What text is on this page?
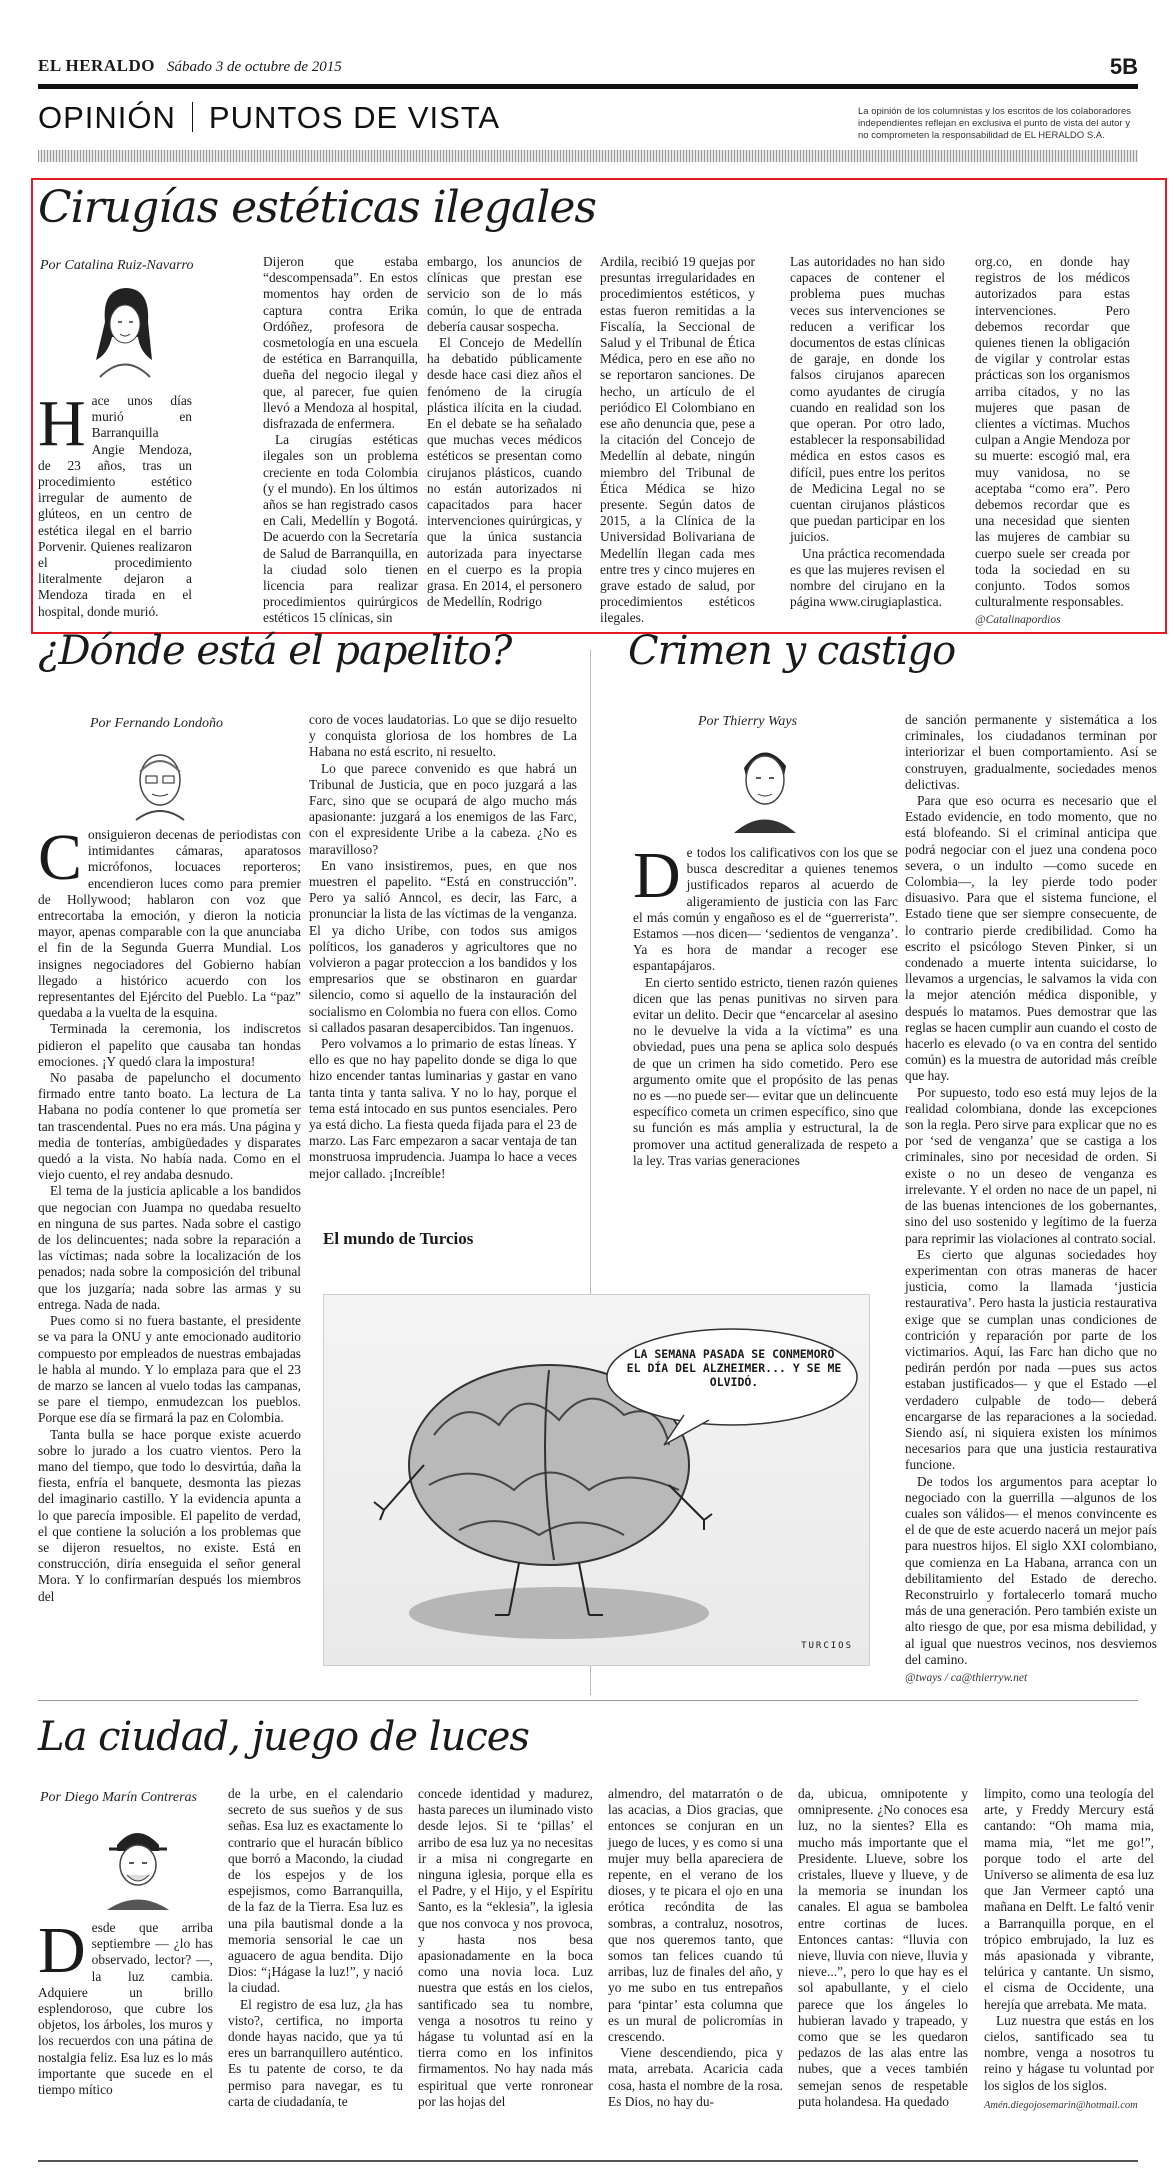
EL HERALDO Sábado 3 de octubre de 2015	5B
OPINIÓN PUNTOS DE VISTA	La opinión de los columnistas y los escritos de los colaboradores independientes reflejan en exclusiva el punto de vista del autor y no comprometen la responsabilidad de EL HERALDO S.A.
Cirugías estéticas ilegales
Por Catalina Ruiz-Navarro
Hace unos días murió en Barranquilla Angie Mendoza, de 23 años, tras un procedimiento estético irregular de aumento de glúteos, en un centro de estética ilegal en el barrio Porvenir. Quienes realizaron el procedimiento literalmente dejaron a Mendoza tirada en el hospital, donde murió.

Dijeron que estaba “descompensada”. En estos momentos hay orden de captura contra Erika Ordóñez, profesora de cosmetología en una escuela de estética en Barranquilla, dueña del negocio ilegal y que, al parecer, fue quien llevó a Mendoza al hospital, disfrazada de enfermera.

La cirugías estéticas ilegales son un problema creciente en toda Colombia (y el mundo). En los últimos años se han registrado casos en Cali, Medellín y Bogotá. De acuerdo con la Secretaría de Salud de Barranquilla, en la ciudad solo tienen licencia para realizar procedimientos quirúrgicos estéticos 15 clínicas, sin

embargo, los anuncios de clínicas que prestan ese servicio son de lo más común, lo que de entrada debería causar sospecha.

El Concejo de Medellín ha debatido públicamente desde hace casi diez años el fenómeno de la cirugía plástica ilícita en la ciudad. En el debate se ha señalado que muchas veces médicos estéticos se presentan como cirujanos plásticos, cuando no están autorizados ni capacitados para hacer intervenciones quirúrgicas, y que la única sustancia autorizada para inyectarse en el cuerpo es la propia grasa. En 2014, el personero de Medellín, Rodrigo

Ardila, recibió 19 quejas por presuntas irregularidades en procedimientos estéticos, y estas fueron remitidas a la Fiscalía, la Seccional de Salud y el Tribunal de Ética Médica, pero en ese año no se reportaron sanciones. De hecho, un artículo de el periódico El Colombiano en ese año denuncia que, pese a la citación del Concejo de Medellín al debate, ningún miembro del Tribunal de Ética Médica se hizo presente. Según datos de 2015, a la Clínica de la Universidad Bolivariana de Medellín llegan cada mes entre tres y cinco mujeres en grave estado de salud, por procedimientos estéticos ilegales.

Las autoridades no han sido capaces de contener el problema pues muchas veces sus intervenciones se reducen a verificar los documentos de estas clínicas de garaje, en donde los falsos cirujanos aparecen como ayudantes de cirugía cuando en realidad son los que operan. Por otro lado, establecer la responsabilidad médica en estos casos es difícil, pues entre los peritos de Medicina Legal no se cuentan cirujanos plásticos que puedan participar en los juicios.

Una práctica recomendada es que las mujeres revisen el nombre del cirujano en la página www.cirugiaplastica.

org.co, en donde hay registros de los médicos autorizados para estas intervenciones. Pero debemos recordar que quienes tienen la obligación de vigilar y controlar estas prácticas son los organismos arriba citados, y no las mujeres que pasan de clientes a víctimas. Muchos culpan a Angie Mendoza por su muerte: escogió mal, era muy vanidosa, no se aceptaba “como era”. Pero debemos recordar que es una necesidad que sienten las mujeres de cambiar su cuerpo suele ser creada por toda la sociedad en su conjunto. Todos somos culturalmente responsables.

@Catalinapordios
¿Dónde está el papelito?
Por Fernando Londoño
C onsiguieron decenas de periodistas con intimidantes cámaras, aparatosos micrófonos, locuaces reporteros; encendieron luces como para premier de Hollywood; hablaron con voz que entrecortaba la emoción, y dieron la noticia mayor, apenas comparable con la que anunciaba el fin de la Segunda Guerra Mundial. Los insignes negociadores del Gobierno habían llegado a histórico acuerdo con los representantes del Ejército del Pueblo. La “paz” quedaba a la vuelta de la esquina.

Terminada la ceremonia, los indiscretos pidieron el papelito que causaba tan hondas emociones. ¡Y quedó clara la impostura!

No pasaba de papeluncho el documento firmado entre tanto boato. La lectura de La Habana no podía contener lo que prometía ser tan trascendental. Pues no era más. Una página y media de tonterías, ambigüedades y disparates quedó a la vista. No había nada. Como en el viejo cuento, el rey andaba desnudo.

El tema de la justicia aplicable a los bandidos que negocian con Juampa no quedaba resuelto en ninguna de sus partes. Nada sobre el castigo de los delincuentes; nada sobre la reparación a las víctimas; nada sobre la localización de los penados; nada sobre la composición del tribunal que los juzgaría; nada sobre las armas y su entrega. Nada de nada.

Pues como si no fuera bastante, el presidente se va para la ONU y ante emocionado auditorio compuesto por empleados de nuestras embajadas le habla al mundo. Y lo emplaza para que el 23 de marzo se lancen al vuelo todas las campanas, se pare el tiempo, enmudezcan los pueblos. Porque ese día se firmará la paz en Colombia.

Tanta bulla se hace porque existe acuerdo sobre lo jurado a los cuatro vientos. Pero la mano del tiempo, que todo lo desvirtúa, daña la fiesta, enfría el banquete, desmonta las piezas del imaginario castillo. Y la evidencia apunta a lo que parecía imposible. El papelito de verdad, el que contiene la solución a los problemas que se dijeron resueltos, no existe. Está en construcción, diría enseguida el señor general Mora. Y lo confirmarían después los miembros del

coro de voces laudatorias. Lo que se dijo resuelto y conquista gloriosa de los hombres de La Habana no está escrito, ni resuelto.

Lo que parece convenido es que habrá un Tribunal de Justicia, que en poco juzgará a las Farc, sino que se ocupará de algo mucho más apasionante: juzgará a los enemigos de las Farc, con el expresidente Uribe a la cabeza. ¿No es maravilloso?

En vano insistiremos, pues, en que nos muestren el papelito. “Está en construcción”. Pero ya salió Anncol, es decir, las Farc, a pronunciar la lista de las víctimas de la venganza. El ya dicho Uribe, con todos sus amigos políticos, los ganaderos y agricultores que no volvieron a pagar proteccion a los bandidos y los empresarios que se obstinaron en guardar silencio, como si aquello de la instauración del socialismo en Colombia no fuera con ellos. Como si callados pasaran desapercibidos. Tan ingenuos.

Pero volvamos a lo primario de estas líneas. Y ello es que no hay papelito donde se diga lo que hizo encender tantas luminarias y gastar en vano tanta tinta y tanta saliva. Y no lo hay, porque el tema está intocado en sus puntos esenciales. Pero ya está dicho. La fiesta queda fijada para el 23 de marzo. Las Farc empezaron a sacar ventaja de tan monstruosa imprudencia. Juampa lo hace a veces mejor callado. ¡Increíble!

El mundo de Turcios
LA SEMANA PASADA SE CONMEMORÓ EL DÍA DEL ALZHEIMER... Y SE ME OLVIDÓ.
TURCIOS
Crimen y castigo
Por Thierry Ways
D e todos los calificativos con los que se busca descreditar a quienes tenemos justificados reparos al acuerdo de aligeramiento de justicia con las Farc el más común y engañoso es el de “guerrerista”. Estamos —nos dicen— ‘sedientos de venganza’. Ya es hora de mandar a recoger ese espantapájaros.

En cierto sentido estricto, tienen razón quienes dicen que las penas punitivas no sirven para evitar un delito. Decir que “encarcelar al asesino no le devuelve la vida a la víctima” es una obviedad, pues una pena se aplica solo después de que un crimen ha sido cometido. Pero ese argumento omite que el propósito de las penas no es —no puede ser— evitar que un delincuente específico cometa un crimen específico, sino que su función es más amplia y estructural, la de promover una actitud generalizada de respeto a la ley. Tras varias generaciones

de sanción permanente y sistemática a los criminales, los ciudadanos terminan por interiorizar el buen comportamiento. Así se construyen, gradualmente, sociedades menos delictivas.

Para que eso ocurra es necesario que el Estado evidencie, en todo momento, que no está blofeando. Si el criminal anticipa que podrá negociar con el juez una condena poco severa, o un indulto —como sucede en Colombia—, la ley pierde todo poder disuasivo. Para que el sistema funcione, el Estado tiene que ser siempre consecuente, de lo contrario pierde credibilidad. Como ha escrito el psicólogo Steven Pinker, si un condenado a muerte intenta suicidarse, lo llevamos a urgencias, le salvamos la vida con la mejor atención médica disponible, y después lo matamos. Pues demostrar que las reglas se hacen cumplir aun cuando el costo de hacerlo es elevado (o va en contra del sentido común) es la muestra de autoridad más creíble que hay.

Por supuesto, todo eso está muy lejos de la realidad colombiana, donde las excepciones son la regla. Pero sirve para explicar que no es por ‘sed de venganza’ que se castiga a los criminales, sino por necesidad de orden. Si existe o no un deseo de venganza es irrelevante. Y el orden no nace de un papel, ni de las buenas intenciones de los gobernantes, sino del uso sostenido y legítimo de la fuerza para reprimir las violaciones al contrato social.

Es cierto que algunas sociedades hoy experimentan con otras maneras de hacer justicia, como la llamada ‘justicia restaurativa’. Pero hasta la justicia restaurativa exige que se cumplan unas condiciones de contrición y reparación por parte de los victimarios. Aquí, las Farc han dicho que no pedirán perdón por nada —pues sus actos estaban justificados— y que el Estado —el verdadero culpable de todo— deberá encargarse de las reparaciones a la sociedad. Siendo así, ni siquiera existen los mínimos necesarios para que una justicia restaurativa funcione.

De todos los argumentos para aceptar lo negociado con la guerrilla —algunos de los cuales son válidos— el menos convincente es el de que de este acuerdo nacerá un mejor país para nuestros hijos. El siglo XXI colombiano, que comienza en La Habana, arranca con un debilitamiento del Estado de derecho. Reconstruirlo y fortalecerlo tomará mucho más de una generación. Pero también existe un alto riesgo de que, por esa misma debilidad, y al igual que nuestros vecinos, nos desviemos del camino.

@tways / ca@thierryw.net
La ciudad, juego de luces
Por Diego Marín Contreras
Desde que arriba septiembre — ¿lo has observado, lector? —, la luz cambia. Adquiere un brillo esplendoroso, que cubre los objetos, los árboles, los muros y los recuerdos con una pátina de nostalgia feliz. Esa luz es lo más importante que sucede en el tiempo mítico

de la urbe, en el calendario secreto de sus sueños y de sus señas. Esa luz es exactamente lo contrario que el huracán bíblico que borró a Macondo, la ciudad de los espejos y de los espejismos, como Barranquilla, de la faz de la Tierra. Esa luz es una pila bautismal donde a la memoria sensorial le cae un aguacero de agua bendita. Dijo Dios: “¡Hágase la luz!”, y nació la ciudad.

El registro de esa luz, ¿la has visto?, certifica, no importa donde hayas nacido, que ya tú eres un barranquillero auténtico. Es tu patente de corso, te da permiso para navegar, es tu carta de ciudadanía, te

concede identidad y madurez, hasta pareces un iluminado visto desde lejos. Si te ‘pillas’ el arribo de esa luz ya no necesitas ir a misa ni congregarte en ninguna iglesia, porque ella es el Padre, y el Hijo, y el Espíritu Santo, es la “eklesia”, la iglesia que nos convoca y nos provoca, y hasta nos besa apasionadamente en la boca como una novia loca. Luz nuestra que estás en los cielos, santificado sea tu nombre, venga a nosotros tu reino y hágase tu voluntad así en la tierra como en los infinitos firmamentos. No hay nada más espiritual que verte ronronear por las hojas del

almendro, del matarratón o de las acacias, a Dios gracias, que entonces se conjuran en un juego de luces, y es como si una mujer muy bella apareciera de repente, en el verano de los dioses, y te picara el ojo en una erótica recóndita de las sombras, a contraluz, nosotros, que nos queremos tanto, que somos tan felices cuando tú arribas, luz de finales del año, y yo me subo en tus entrepaños para ‘pintar’ esta columna que es un mural de policromías in crescendo.

Viene descendiendo, pica y mata, arrebata. Acaricia cada cosa, hasta el nombre de la rosa. Es Dios, no hay du-

da, ubicua, omnipotente y omnipresente. ¿No conoces esa luz, no la sientes? Ella es mucho más importante que el Presidente. Llueve, sobre los cristales, llueve y llueve, y de la memoria se inundan los canales. El agua se bambolea entre cortinas de luces. Entonces cantas: “lluvia con nieve, lluvia con nieve, lluvia y nieve...”, pero lo que hay es el sol apabullante, y el cielo parece que los ángeles lo hubieran lavado y trapeado, y como que se les quedaron pedazos de las alas entre las nubes, que a veces también semejan senos de respetable puta holandesa. Ha quedado

limpito, como una teología del arte, y Freddy Mercury está cantando: “Oh mama mia, mama mia, “let me go!”, porque todo el arte del Universo se alimenta de esa luz que Jan Vermeer captó una mañana en Delft. Le faltó venir a Barranquilla porque, en el trópico embrujado, la luz es más apasionada y vibrante, telúrica y cantante. Un sismo, el cisma de Occidente, una herejía que arrebata. Me mata.

Luz nuestra que estás en los cielos, santificado sea tu nombre, venga a nosotros tu reino y hágase tu voluntad por los siglos de los siglos.

Amén.diegojosemarin@hotmail.com
